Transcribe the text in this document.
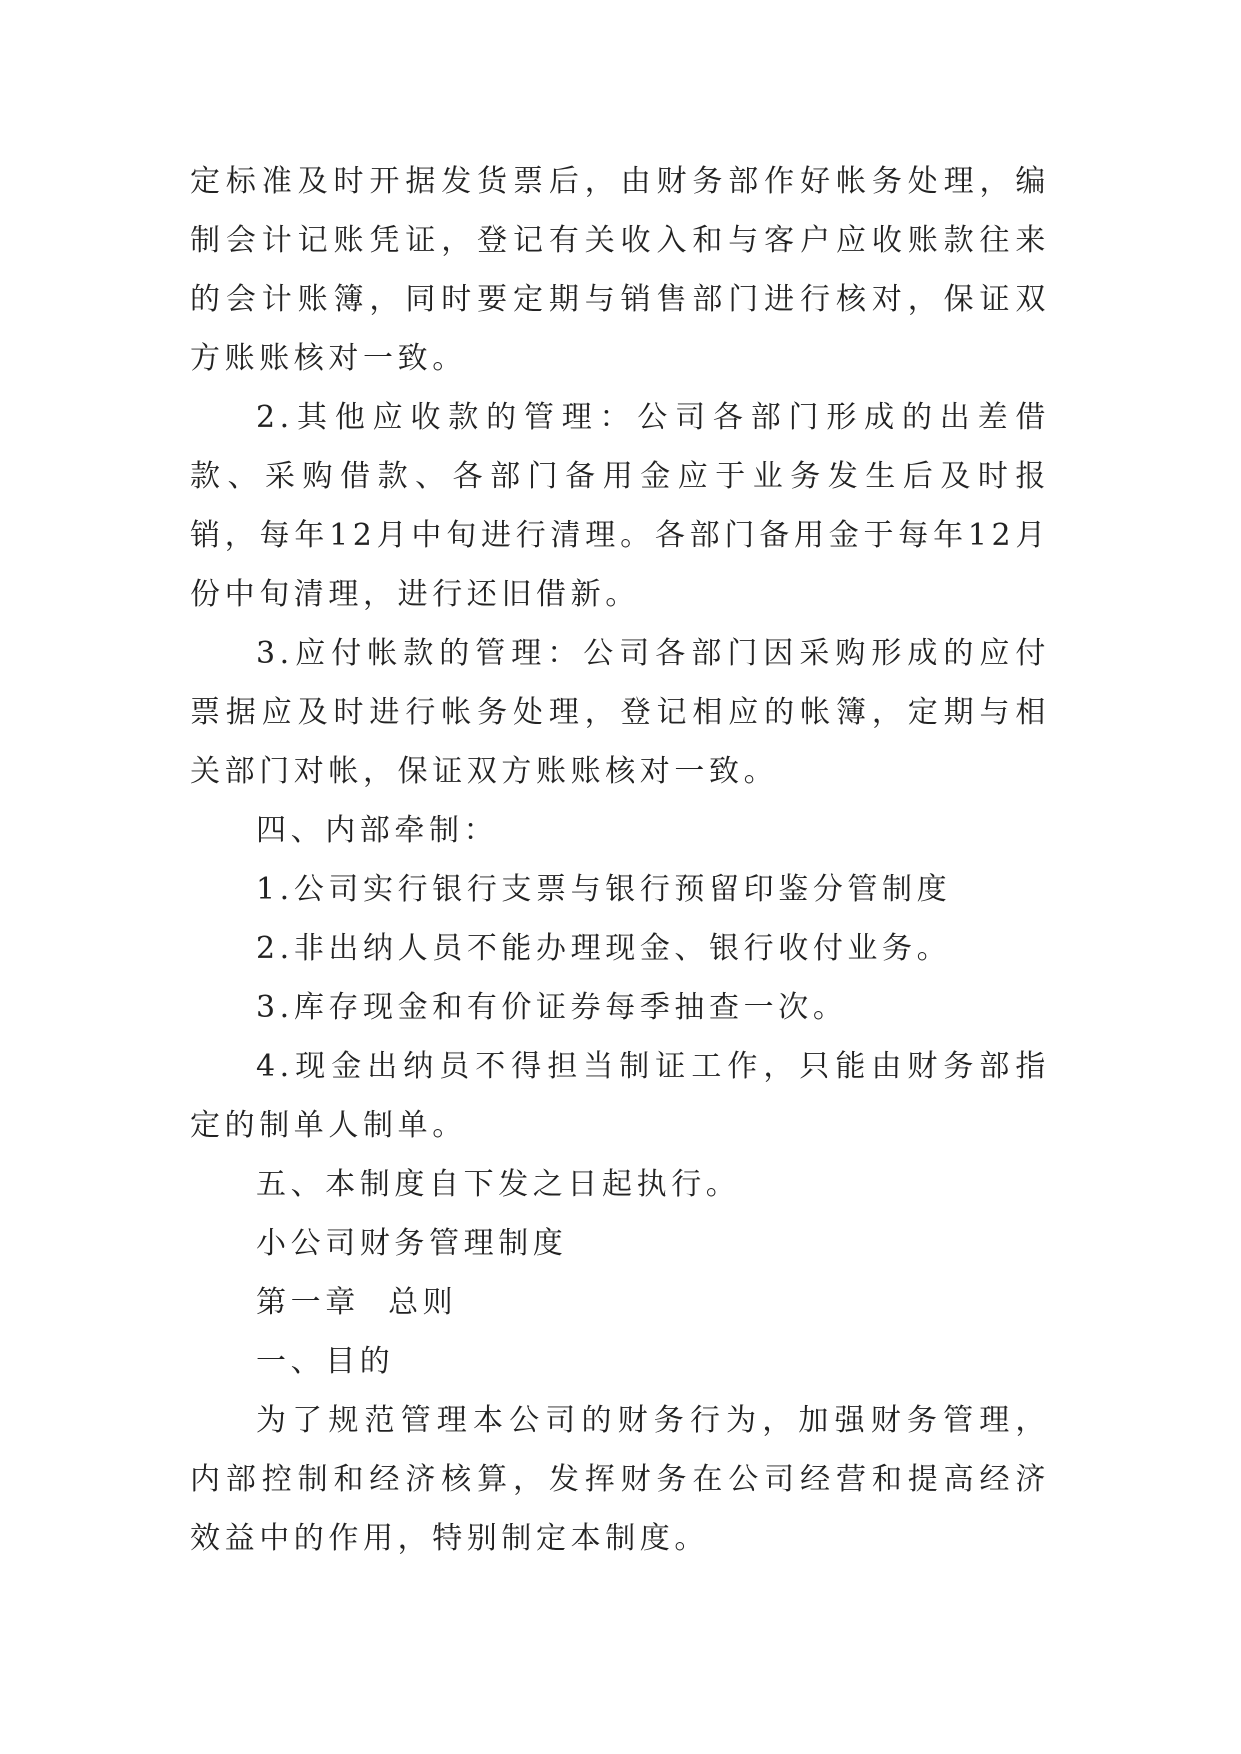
定标准及时开据发货票后，由财务部作好帐务处理，编制会计记账凭证，登记有关收入和与客户应收账款往来的会计账簿，同时要定期与销售部门进行核对，保证双方账账核对一致。

2.其他应收款的管理：公司各部门形成的出差借款、采购借款、各部门备用金应于业务发生后及时报销，每年12月中旬进行清理。各部门备用金于每年12月份中旬清理，进行还旧借新。

3.应付帐款的管理：公司各部门因采购形成的应付票据应及时进行帐务处理，登记相应的帐簿，定期与相关部门对帐，保证双方账账核对一致。

四、内部牵制：

1.公司实行银行支票与银行预留印鉴分管制度

2.非出纳人员不能办理现金、银行收付业务。

3.库存现金和有价证券每季抽查一次。

4.现金出纳员不得担当制证工作，只能由财务部指定的制单人制单。

五、本制度自下发之日起执行。

小公司财务管理制度

第一章  总则

一、目的

为了规范管理本公司的财务行为，加强财务管理，内部控制和经济核算，发挥财务在公司经营和提高经济效益中的作用，特别制定本制度。
